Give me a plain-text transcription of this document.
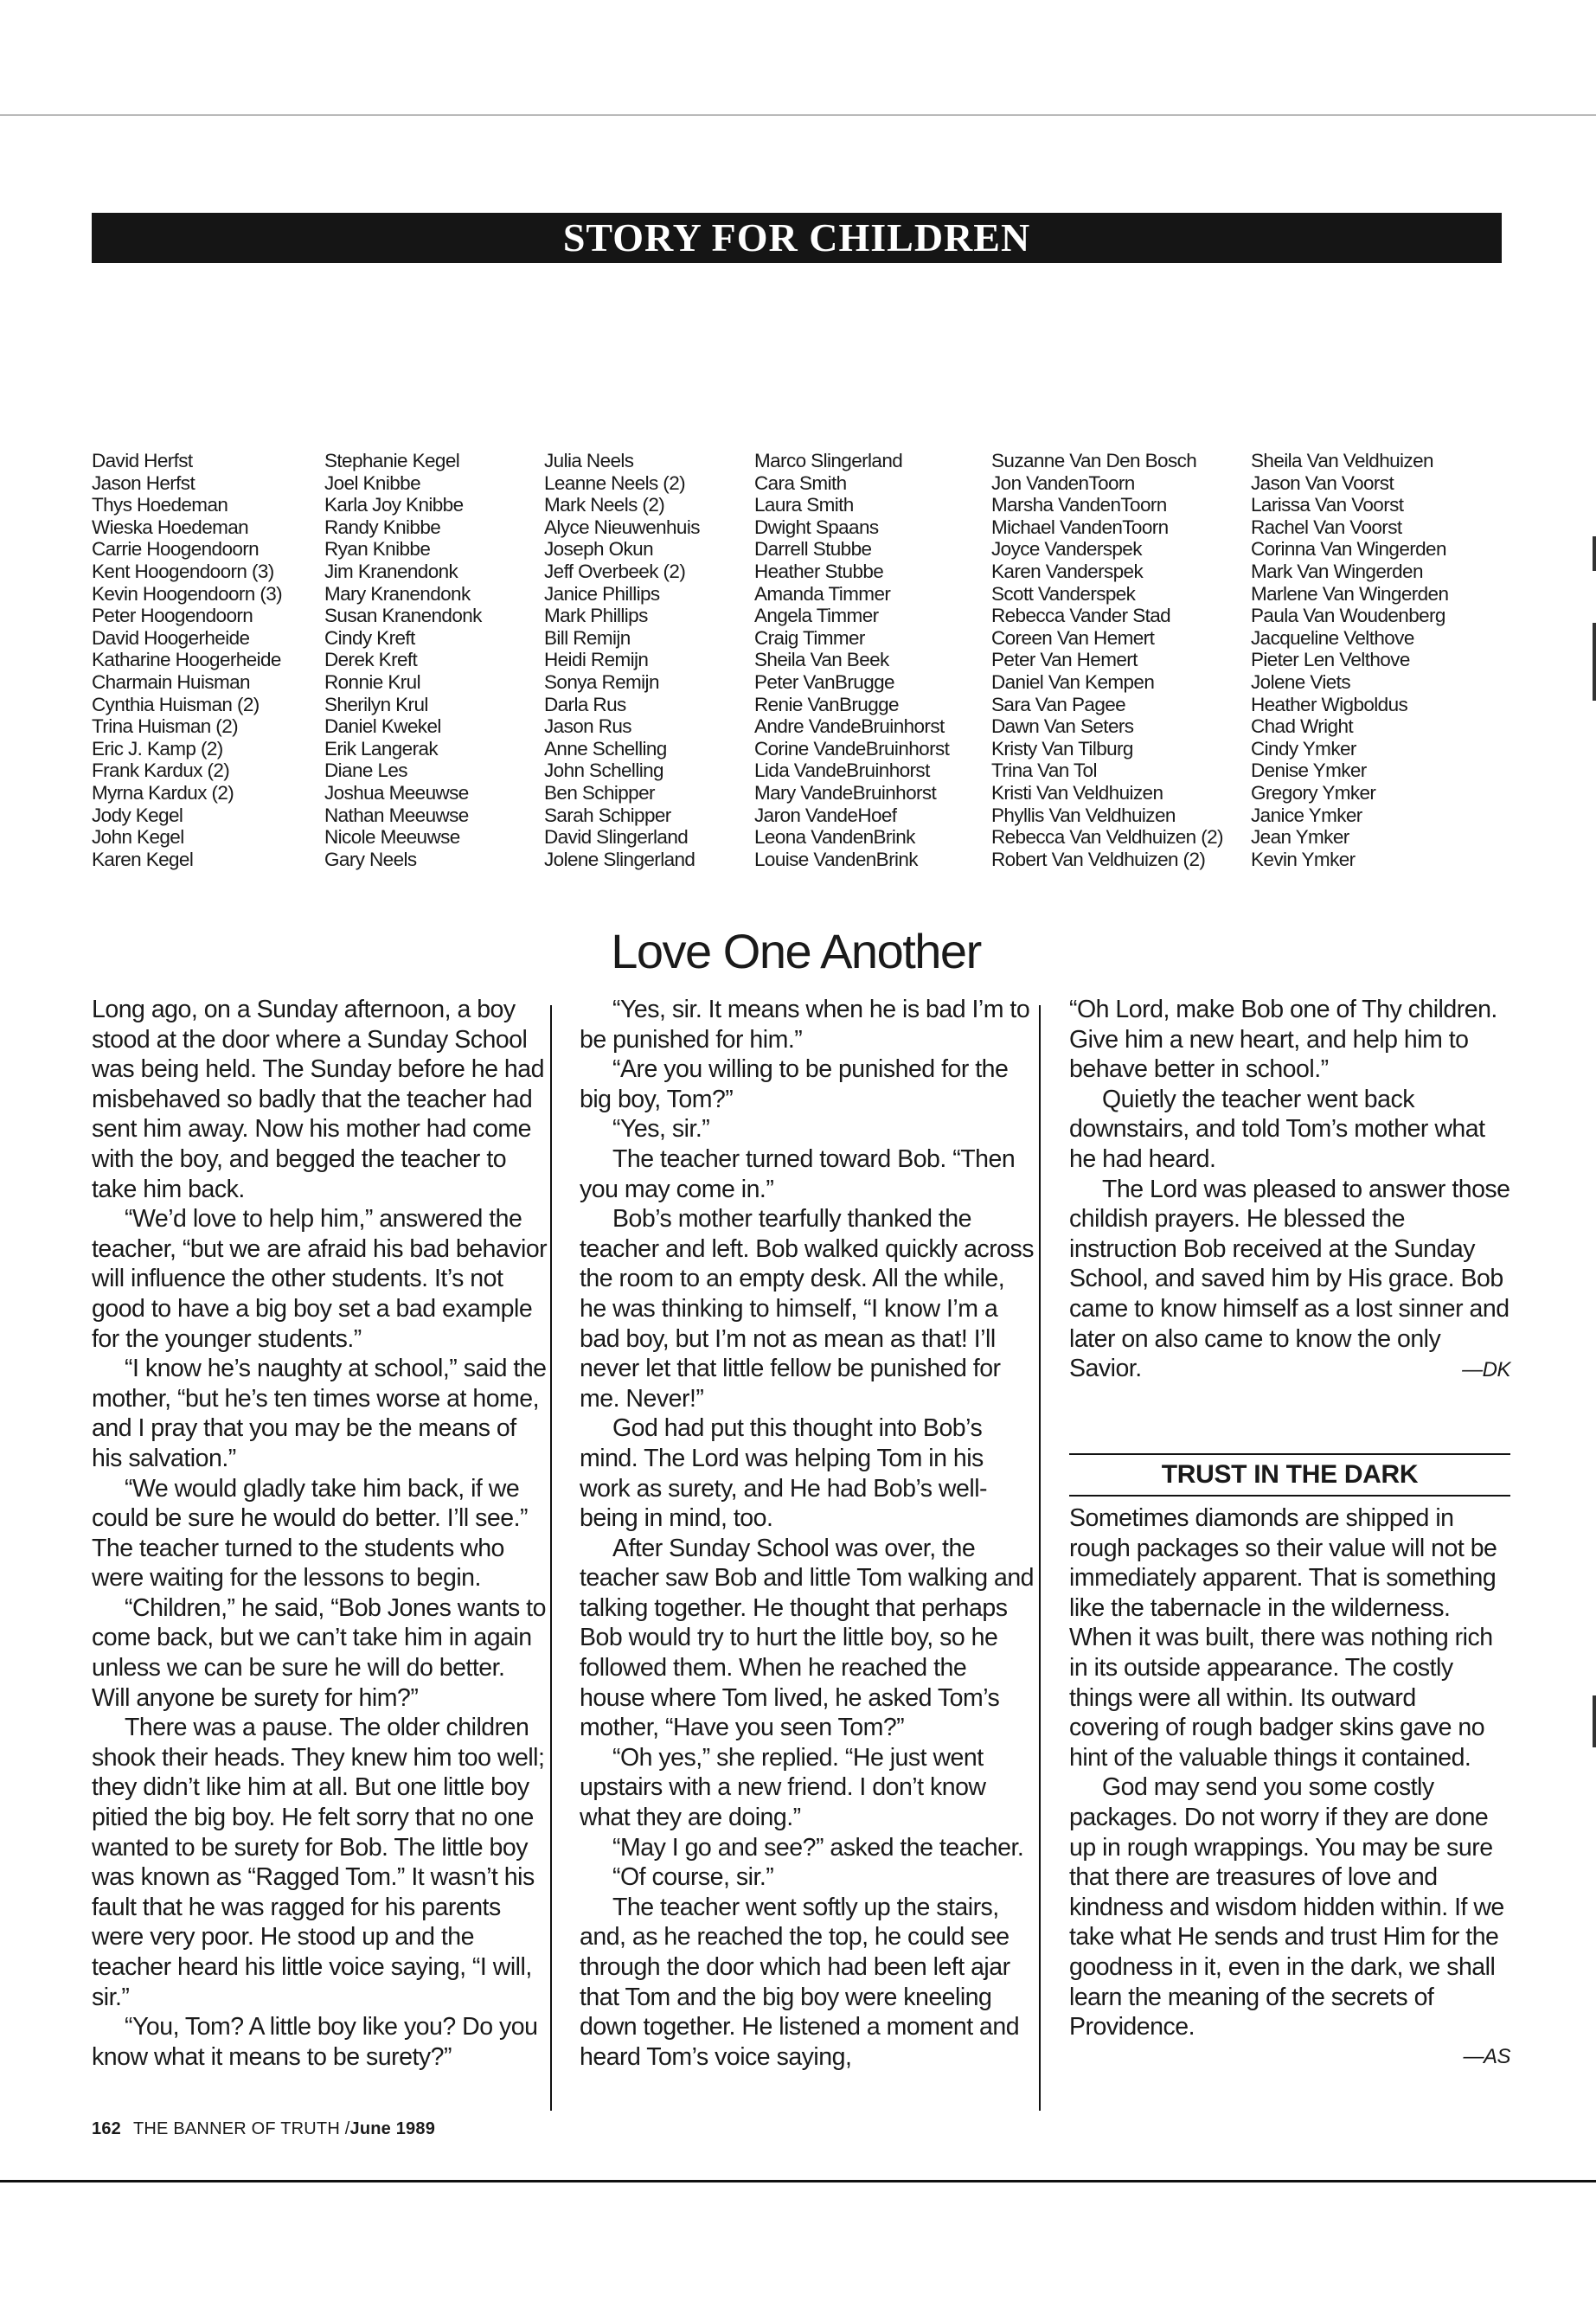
STORY FOR CHILDREN
David Herfst
Jason Herfst
Thys Hoedeman
Wieska Hoedeman
Carrie Hoogendoorn
Kent Hoogendoorn (3)
Kevin Hoogendoorn (3)
Peter Hoogendoorn
David Hoogerheide
Katharine Hoogerheide
Charmain Huisman
Cynthia Huisman (2)
Trina Huisman (2)
Eric J. Kamp (2)
Frank Kardux (2)
Myrna Kardux (2)
Jody Kegel
John Kegel
Karen Kegel
Stephanie Kegel
Joel Knibbe
Karla Joy Knibbe
Randy Knibbe
Ryan Knibbe
Jim Kranendonk
Mary Kranendonk
Susan Kranendonk
Cindy Kreft
Derek Kreft
Ronnie Krul
Sherilyn Krul
Daniel Kwekel
Erik Langerak
Diane Les
Joshua Meeuwse
Nathan Meeuwse
Nicole Meeuwse
Gary Neels
Julia Neels
Leanne Neels (2)
Mark Neels (2)
Alyce Nieuwenhuis
Joseph Okun
Jeff Overbeek (2)
Janice Phillips
Mark Phillips
Bill Remijn
Heidi Remijn
Sonya Remijn
Darla Rus
Jason Rus
Anne Schelling
John Schelling
Ben Schipper
Sarah Schipper
David Slingerland
Jolene Slingerland
Marco Slingerland
Cara Smith
Laura Smith
Dwight Spaans
Darrell Stubbe
Heather Stubbe
Amanda Timmer
Angela Timmer
Craig Timmer
Sheila Van Beek
Peter VanBrugge
Renie VanBrugge
Andre VandeBruinhorst
Corine VandeBruinhorst
Lida VandeBruinhorst
Mary VandeBruinhorst
Jaron VandeHoef
Leona VandenBrink
Louise VandenBrink
Suzanne Van Den Bosch
Jon VandenToorn
Marsha VandenToorn
Michael VandenToorn
Joyce Vanderspek
Karen Vanderspek
Scott Vanderspek
Rebecca Vander Stad
Coreen Van Hemert
Peter Van Hemert
Daniel Van Kempen
Sara Van Pagee
Dawn Van Seters
Kristy Van Tilburg
Trina Van Tol
Kristi Van Veldhuizen
Phyllis Van Veldhuizen
Rebecca Van Veldhuizen (2)
Robert Van Veldhuizen (2)
Sheila Van Veldhuizen
Jason Van Voorst
Larissa Van Voorst
Rachel Van Voorst
Corinna Van Wingerden
Mark Van Wingerden
Marlene Van Wingerden
Paula Van Woudenberg
Jacqueline Velthove
Pieter Len Velthove
Jolene Viets
Heather Wigboldus
Chad Wright
Cindy Ymker
Denise Ymker
Gregory Ymker
Janice Ymker
Jean Ymker
Kevin Ymker
Love One Another

Long ago, on a Sunday afternoon, a boy stood at the door where a Sunday School was being held. The Sunday before he had misbehaved so badly that the teacher had sent him away. Now his mother had come with the boy, and begged the teacher to take him back.

“We’d love to help him,” answered the teacher, “but we are afraid his bad behavior will influence the other students. It’s not good to have a big boy set a bad example for the younger students.”

“I know he’s naughty at school,” said the mother, “but he’s ten times worse at home, and I pray that you may be the means of his salvation.”

“We would gladly take him back, if we could be sure he would do better. I’ll see.” The teacher turned to the students who were waiting for the lessons to begin.

“Children,” he said, “Bob Jones wants to come back, but we can’t take him in again unless we can be sure he will do better. Will anyone be surety for him?”

There was a pause. The older children shook their heads. They knew him too well; they didn’t like him at all. But one little boy pitied the big boy. He felt sorry that no one wanted to be surety for Bob. The little boy was known as “Ragged Tom.” It wasn’t his fault that he was ragged for his parents were very poor. He stood up and the teacher heard his little voice saying, “I will, sir.”

“You, Tom? A little boy like you? Do you know what it means to be surety?”

“Yes, sir. It means when he is bad I’m to be punished for him.”

“Are you willing to be punished for the big boy, Tom?”

“Yes, sir.”

The teacher turned toward Bob. “Then you may come in.”

Bob’s mother tearfully thanked the teacher and left. Bob walked quickly across the room to an empty desk. All the while, he was thinking to himself, “I know I’m a bad boy, but I’m not as mean as that! I’ll never let that little fellow be punished for me. Never!”

God had put this thought into Bob’s mind. The Lord was helping Tom in his work as surety, and He had Bob’s well-being in mind, too.

After Sunday School was over, the teacher saw Bob and little Tom walking and talking together. He thought that perhaps Bob would try to hurt the little boy, so he followed them. When he reached the house where Tom lived, he asked Tom’s mother, “Have you seen Tom?”

“Oh yes,” she replied. “He just went upstairs with a new friend. I don’t know what they are doing.”

“May I go and see?” asked the teacher.

“Of course, sir.”

The teacher went softly up the stairs, and, as he reached the top, he could see through the door which had been left ajar that Tom and the big boy were kneeling down together. He listened a moment and heard Tom’s voice saying,

“Oh Lord, make Bob one of Thy children. Give him a new heart, and help him to behave better in school.”

Quietly the teacher went back downstairs, and told Tom’s mother what he had heard.

The Lord was pleased to answer those childish prayers. He blessed the instruction Bob received at the Sunday School, and saved him by His grace. Bob came to know himself as a lost sinner and later on also came to know the only Savior.	—DK

TRUST IN THE DARK

Sometimes diamonds are shipped in rough packages so their value will not be immediately apparent. That is something like the tabernacle in the wilderness. When it was built, there was nothing rich in its outside appearance. The costly things were all within. Its outward covering of rough badger skins gave no hint of the valuable things it contained.

God may send you some costly packages. Do not worry if they are done up in rough wrappings. You may be sure that there are treasures of love and kindness and wisdom hidden within. If we take what He sends and trust Him for the goodness in it, even in the dark, we shall learn the meaning of the secrets of Providence.

—AS
162 THE BANNER OF TRUTH /June 1989
